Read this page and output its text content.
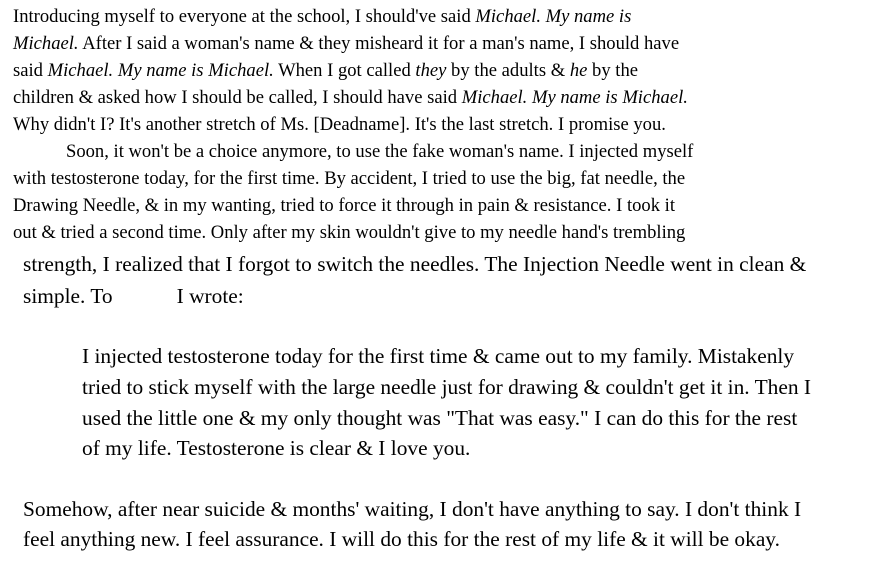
Introducing myself to everyone at the school, I should've said Michael. My name is

Michael. After I said a woman's name & they misheard it for a man's name, I should have

said Michael. My name is Michael. When I got called they by the adults & he by the

children & asked how I should be called, I should have said Michael. My name is Michael.

Why didn't I? It's another stretch of Ms. [Deadname]. It's the last stretch. I promise you.

Soon, it won't be a choice anymore, to use the fake woman's name. I injected myself

with testosterone today, for the first time. By accident, I tried to use the big, fat needle, the

Drawing Needle, & in my wanting, tried to force it through in pain & resistance. I took it

out & tried a second time. Only after my skin wouldn't give to my needle hand's trembling

strength, I realized that I forgot to switch the needles. The Injection Needle went in clean &

simple. To	I wrote:

I injected testosterone today for the first time & came out to my family. Mistakenly

tried to stick myself with the large needle just for drawing & couldn't get it in. Then I

used the little one & my only thought was "That was easy." I can do this for the rest

of my life. Testosterone is clear & I love you.

Somehow, after near suicide & months' waiting, I don't have anything to say. I don't think I

feel anything new. I feel assurance. I will do this for the rest of my life & it will be okay.
